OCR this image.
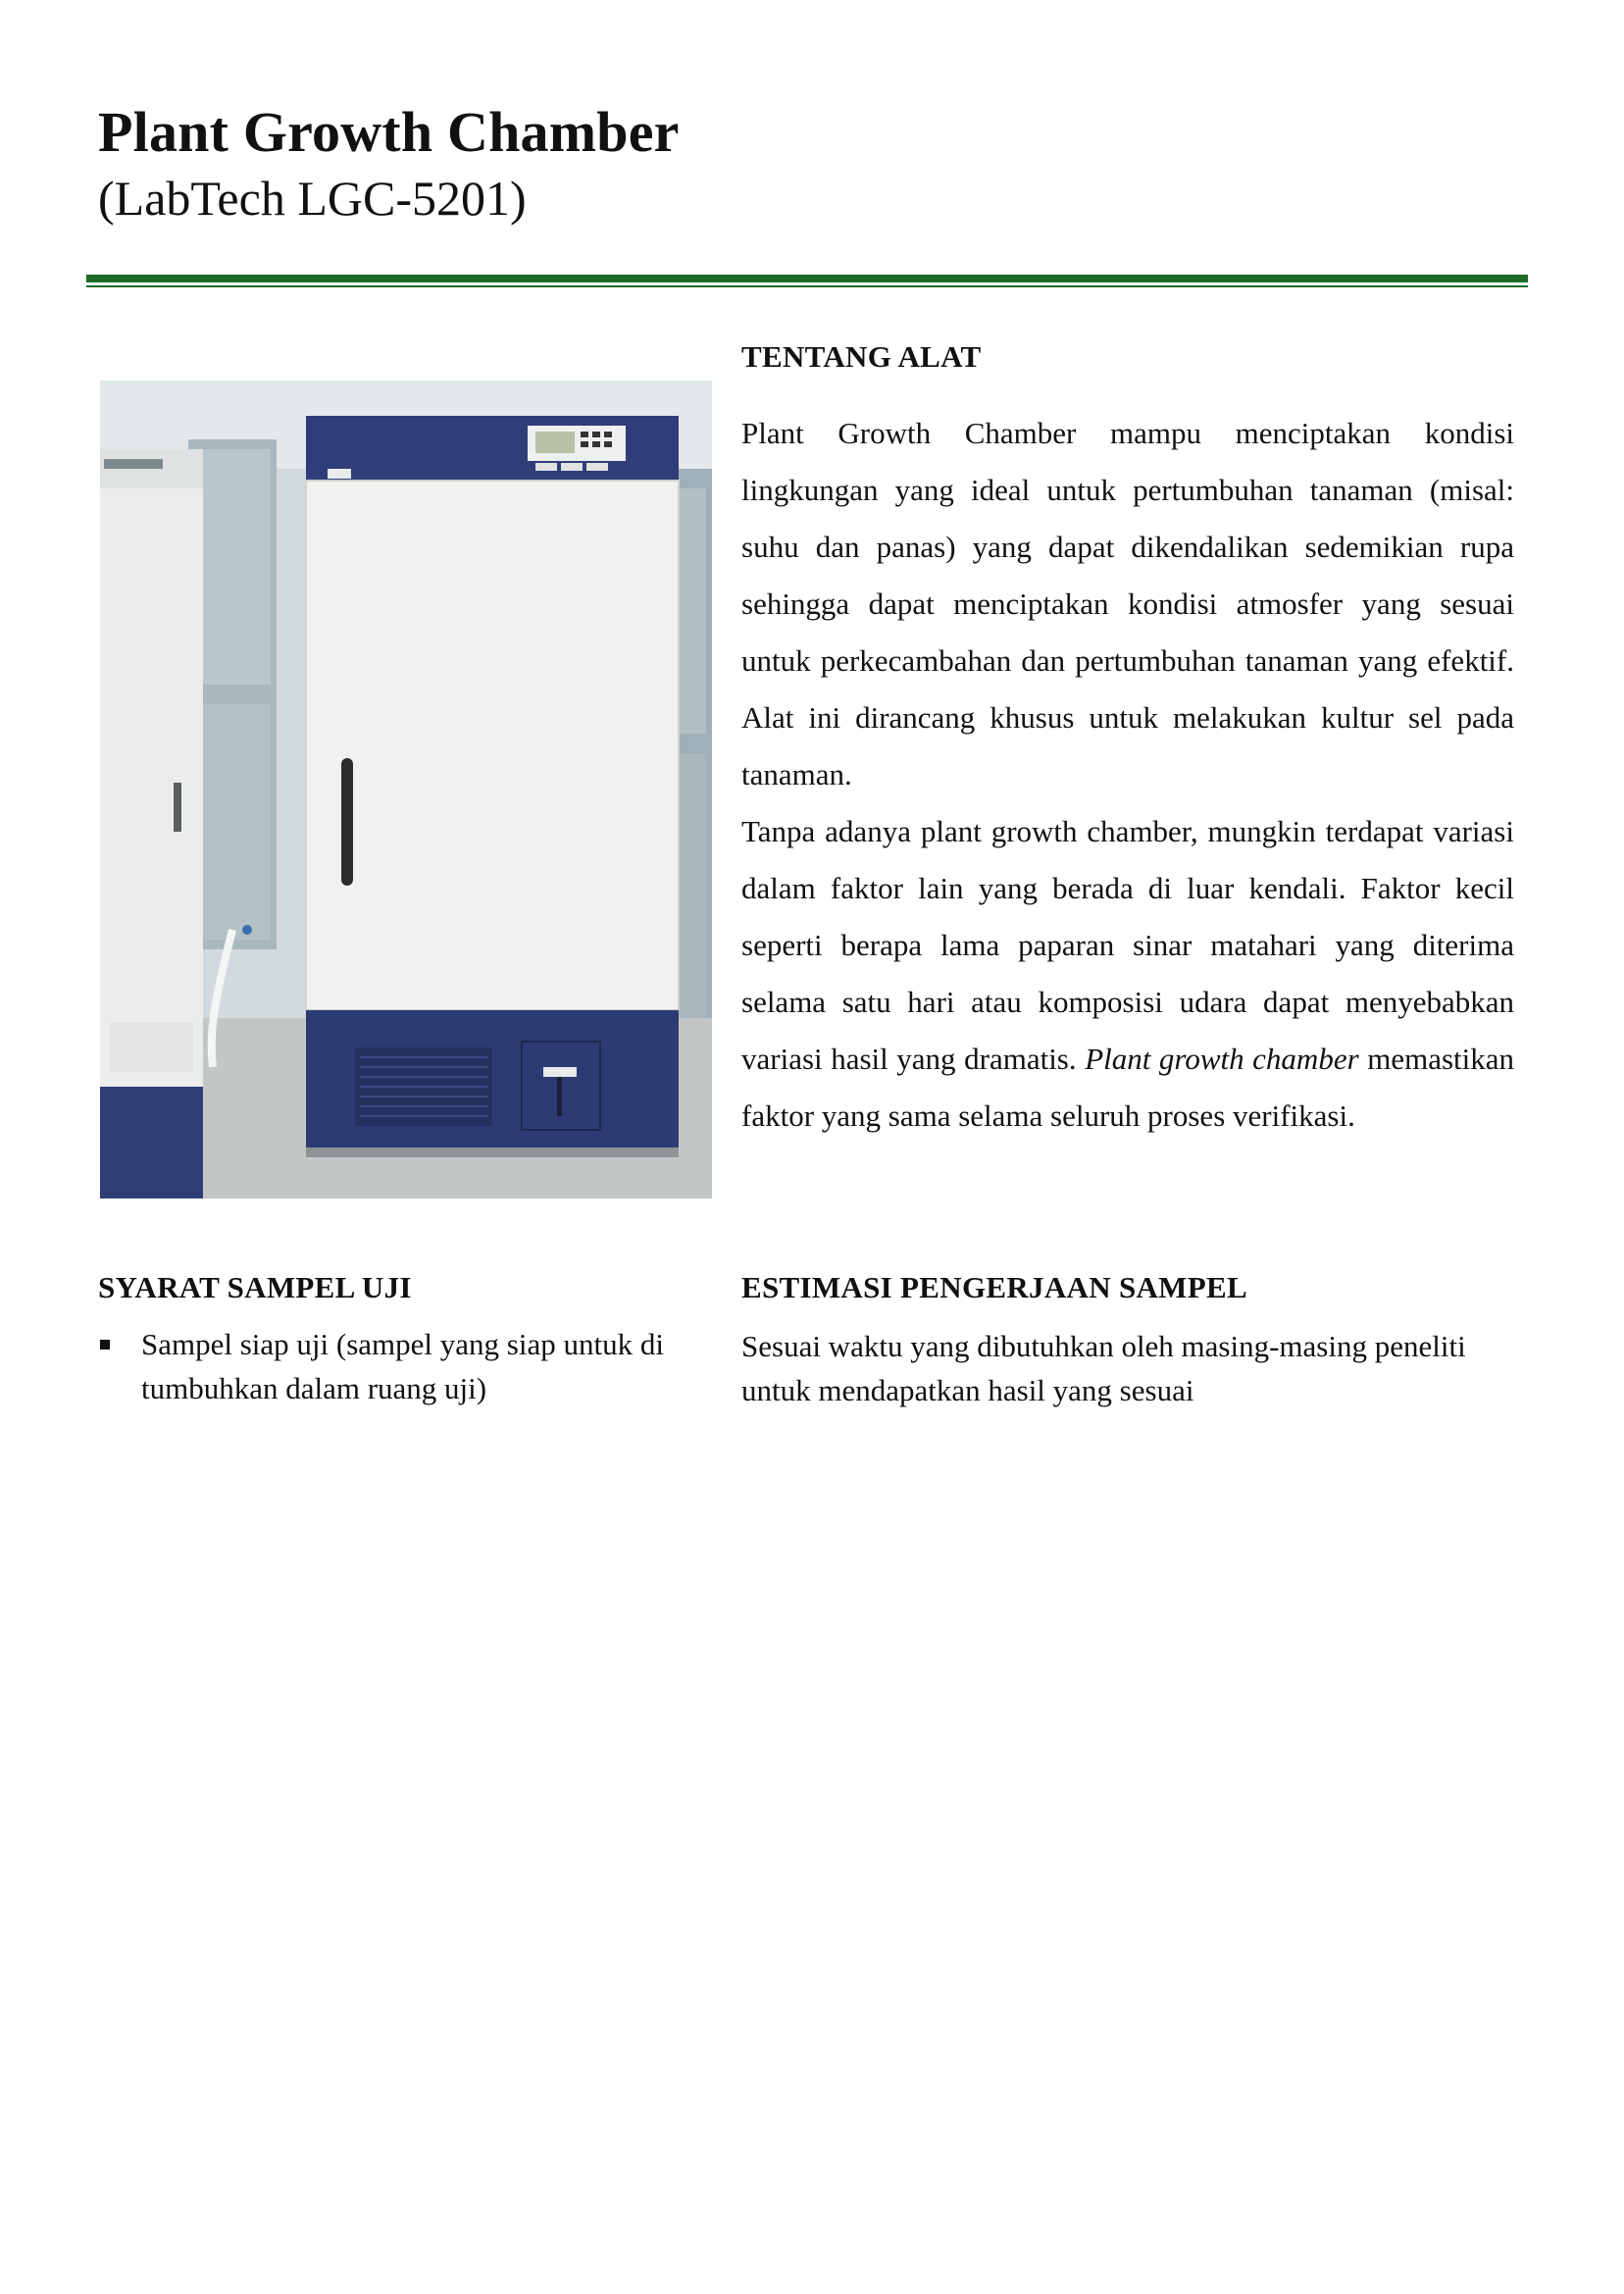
Plant Growth Chamber
(LabTech LGC-5201)
TENTANG ALAT

Plant Growth Chamber mampu menciptakan kondisi lingkungan yang ideal untuk pertumbuhan tanaman (misal: suhu dan panas) yang dapat dikendalikan sedemikian rupa sehingga dapat menciptakan kondisi atmosfer yang sesuai untuk perkecambahan dan pertumbuhan tanaman yang efektif. Alat ini dirancang khusus untuk melakukan kultur sel pada tanaman.

Tanpa adanya plant growth chamber, mungkin terdapat variasi dalam faktor lain yang berada di luar kendali. Faktor kecil seperti berapa lama paparan sinar matahari yang diterima selama satu hari atau komposisi udara dapat menyebabkan variasi hasil yang dramatis. Plant growth chamber memastikan faktor yang sama selama seluruh proses verifikasi.

SYARAT SAMPEL UJI
Sampel siap uji (sampel yang siap untuk di tumbuhkan dalam ruang uji)
ESTIMASI PENGERJAAN SAMPEL
Sesuai waktu yang dibutuhkan oleh masing-masing peneliti untuk mendapatkan hasil yang sesuai
